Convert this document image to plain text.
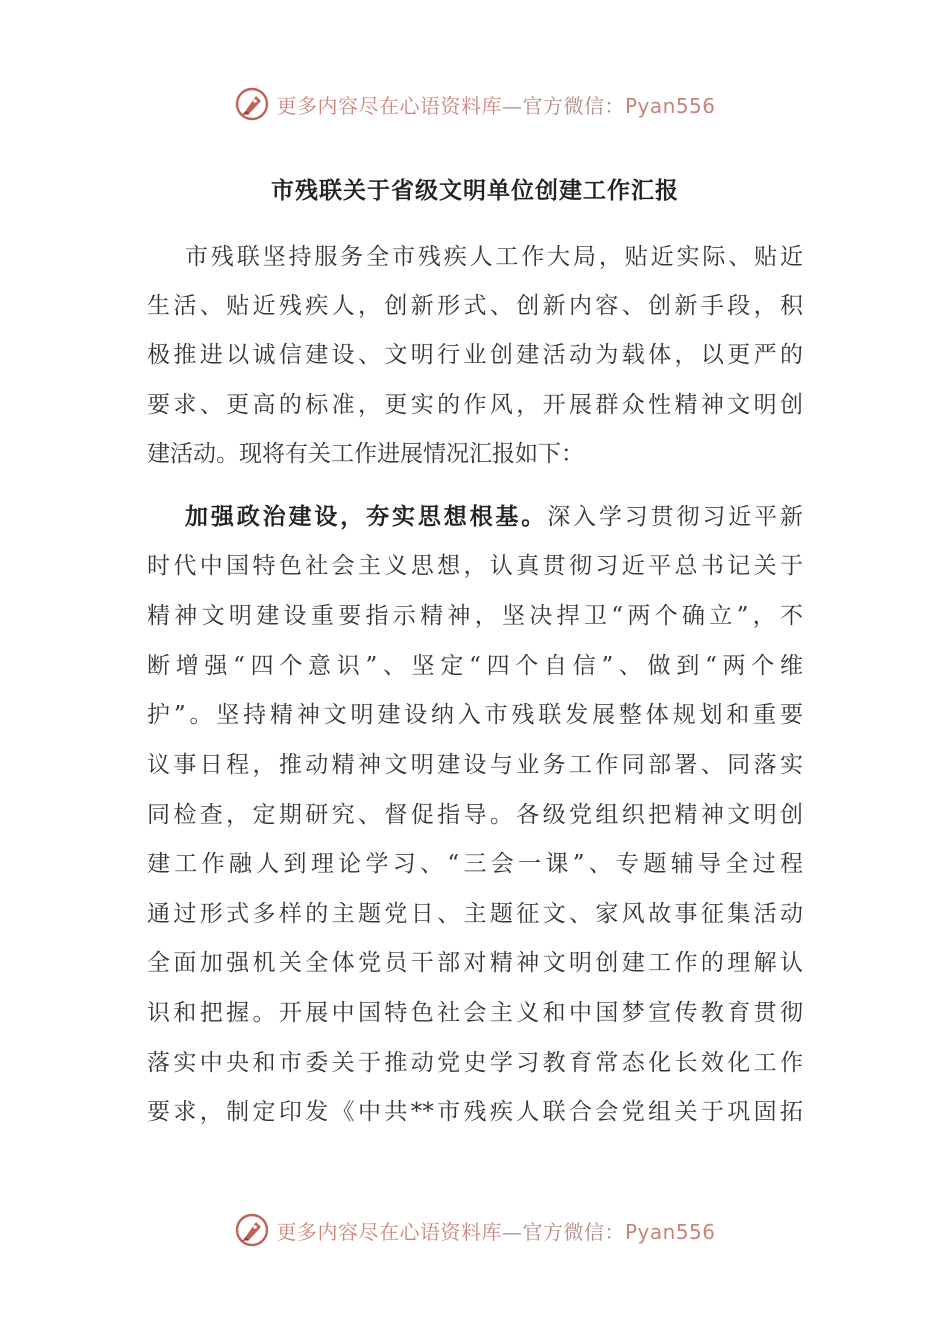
更多内容尽在心语资料库—官方微信：Pyan556
市残联关于省级文明单位创建工作汇报
市残联坚持服务全市残疾人工作大局，贴近实际、贴近
生活、贴近残疾人，创新形式、创新内容、创新手段，积
极推进以诚信建设、文明行业创建活动为载体，以更严的
要求、更高的标准，更实的作风，开展群众性精神文明创
建活动。现将有关工作进展情况汇报如下：
加强政治建设，夯实思想根基。深入学习贯彻习近平新
时代中国特色社会主义思想，认真贯彻习近平总书记关于
精神文明建设重要指示精神，坚决捍卫“两个确立”，不
断增强“四个意识”、坚定“四个自信”、做到“两个维
护”。坚持精神文明建设纳入市残联发展整体规划和重要
议事日程，推动精神文明建设与业务工作同部署、同落实
同检查，定期研究、督促指导。各级党组织把精神文明创
建工作融人到理论学习、“三会一课”、专题辅导全过程
通过形式多样的主题党日、主题征文、家风故事征集活动
全面加强机关全体党员干部对精神文明创建工作的理解认
识和把握。开展中国特色社会主义和中国梦宣传教育贯彻
落实中央和市委关于推动党史学习教育常态化长效化工作
要求，制定印发《中共**市残疾人联合会党组关于巩固拓
更多内容尽在心语资料库—官方微信：Pyan556
